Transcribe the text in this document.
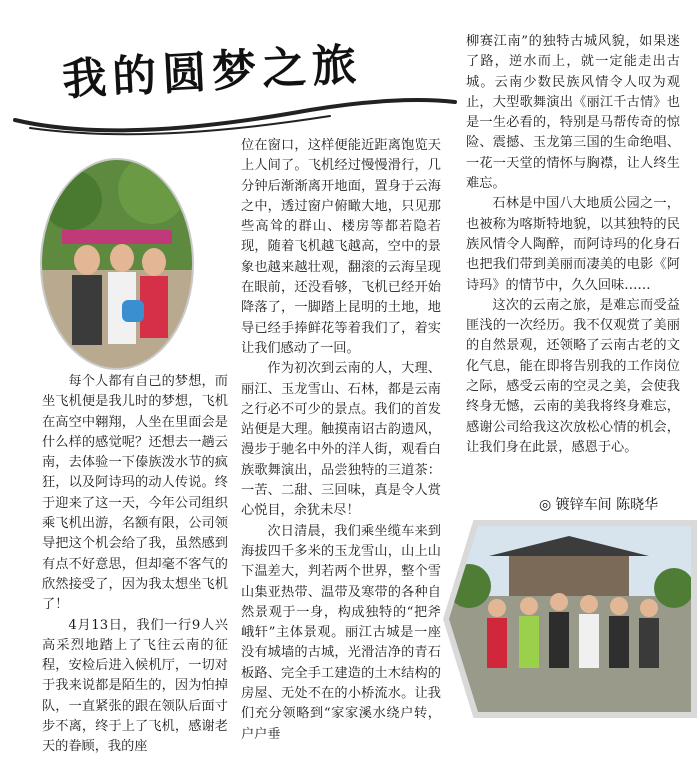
我的圆梦之旅

每个人都有自己的梦想，而坐飞机便是我儿时的梦想，飞机在高空中翱翔，人坐在里面会是什么样的感觉呢？还想去一趟云南，去体验一下傣族泼水节的疯狂，以及阿诗玛的动人传说。终于迎来了这一天，今年公司组织乘飞机出游，名额有限，公司领导把这个机会给了我，虽然感到有点不好意思，但却毫不客气的欣然接受了，因为我太想坐飞机了！

4月13日，我们一行9人兴高采烈地踏上了飞往云南的征程，安检后进入候机厅，一切对于我来说都是陌生的，因为怕掉队，一直紧张的跟在领队后面寸步不离，终于上了飞机，感谢老天的眷顾，我的座

位在窗口，这样便能近距离饱览天上人间了。飞机经过慢慢滑行，几分钟后渐渐离开地面，置身于云海之中，透过窗户俯瞰大地，只见那些高耸的群山、楼房等都若隐若现，随着飞机越飞越高，空中的景象也越来越壮观，翻滚的云海呈现在眼前，还没看够，飞机已经开始降落了，一脚踏上昆明的土地，地导已经手捧鲜花等着我们了，着实让我们感动了一回。

作为初次到云南的人，大理、丽江、玉龙雪山、石林，都是云南之行必不可少的景点。我们的首发站便是大理。触摸南诏古韵遗风，漫步于驰名中外的洋人街，观看白族歌舞演出，品尝独特的三道茶：一苦、二甜、三回味，真是令人赏心悦目，余犹未尽！

次日清晨，我们乘坐缆车来到海拔四千多米的玉龙雪山，山上山下温差大，判若两个世界，整个雪山集亚热带、温带及寒带的各种自然景观于一身，构成独特的“把斧峨轩”主体景观。丽江古城是一座没有城墙的古城，光滑洁净的青石板路、完全手工建造的土木结构的房屋、无处不在的小桥流水。让我们充分领略到“家家溪水绕户转，户户垂

柳赛江南”的独特古城风貌，如果迷了路，逆水而上，就一定能走出古城。云南少数民族风情令人叹为观止，大型歌舞演出《丽江千古情》也是一生必看的，特别是马帮传奇的惊险、震撼、玉龙第三国的生命绝唱、一花一天堂的情怀与胸襟，让人终生难忘。

石林是中国八大地质公园之一，也被称为喀斯特地貌，以其独特的民族风情令人陶醉，而阿诗玛的化身石也把我们带到美丽而凄美的电影《阿诗玛》的情节中，久久回味……

这次的云南之旅，是难忘而受益匪浅的一次经历。我不仅观赏了美丽的自然景观，还领略了云南古老的文化气息，能在即将告别我的工作岗位之际，感受云南的空灵之美，会使我终身无憾，云南的美我将终身难忘，感谢公司给我这次放松心情的机会，让我们身在此景，感恩于心。

◎ 镀锌车间 陈晓华
